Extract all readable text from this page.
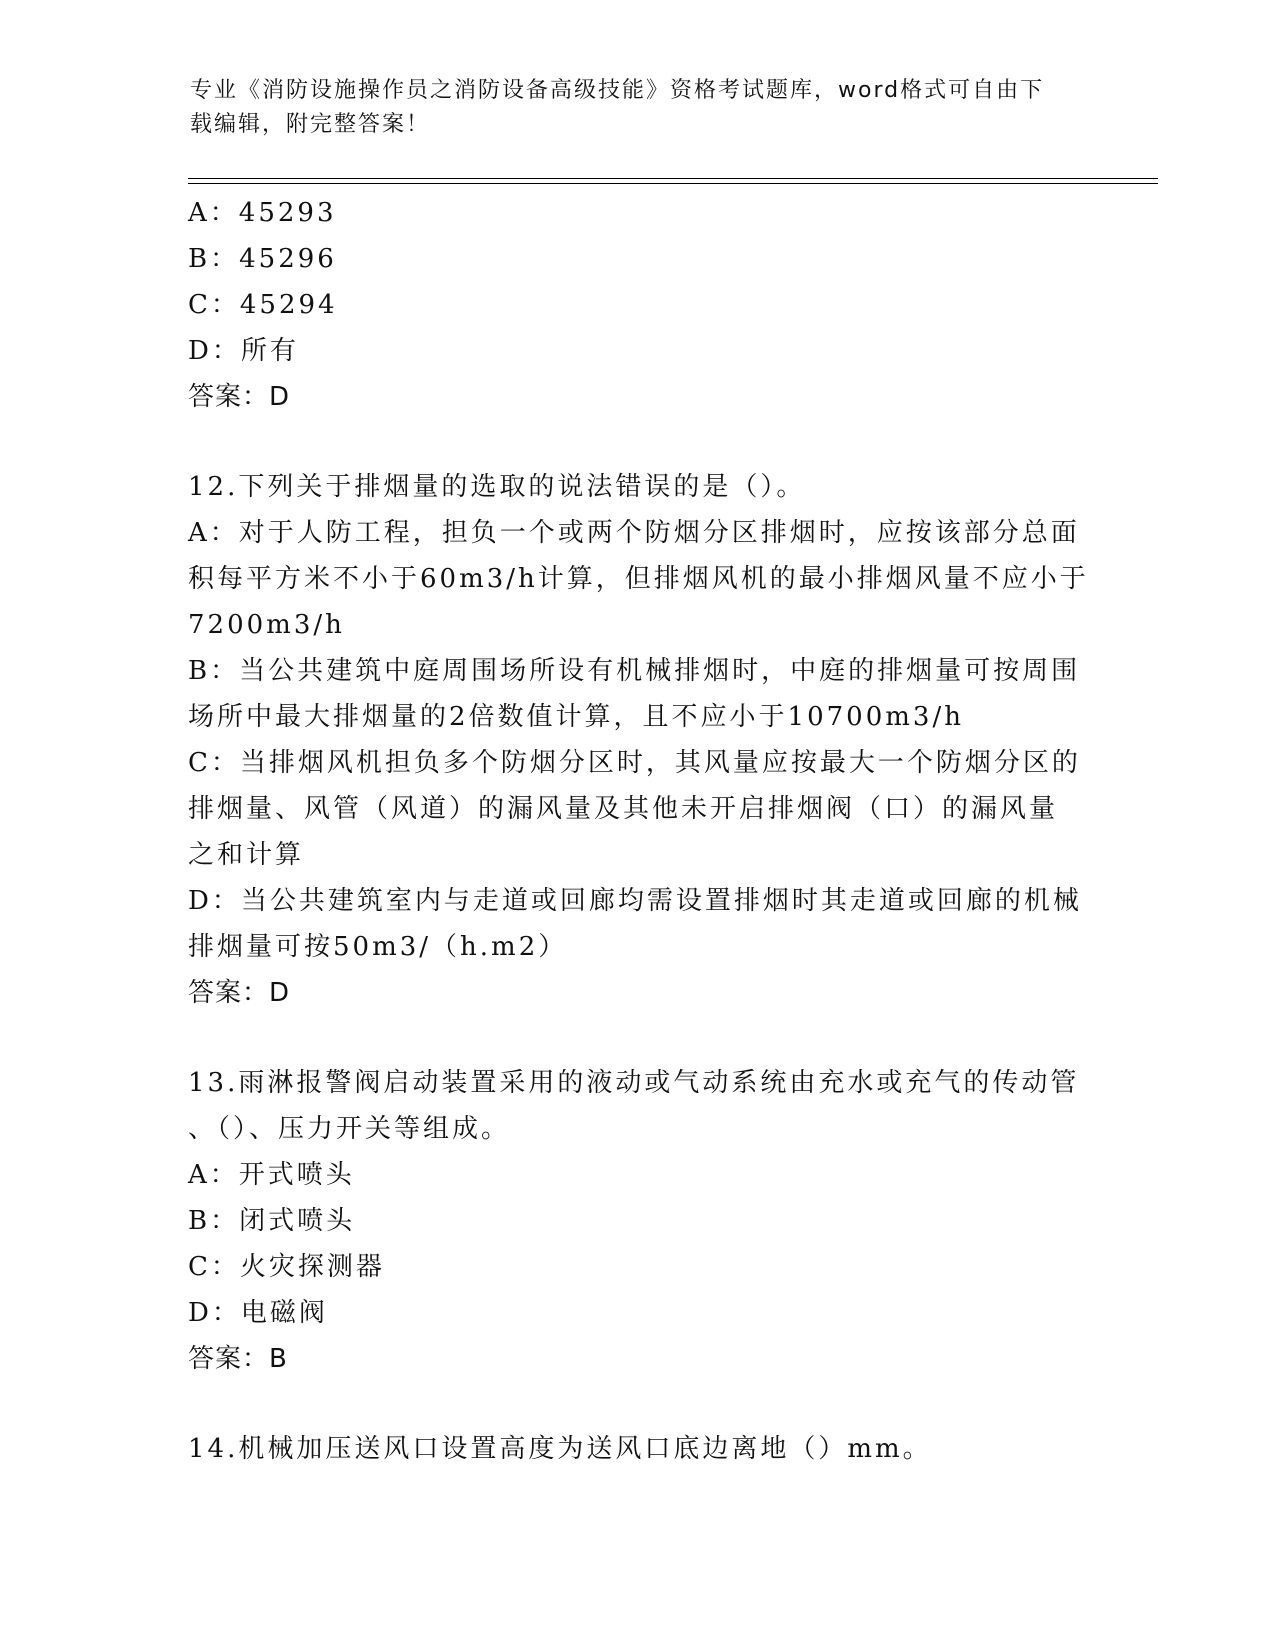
专业《消防设施操作员之消防设备高级技能》资格考试题库，word格式可自由下
载编辑，附完整答案！
A：45293
B：45296
C：45294
D：所有
答案：D
12.下列关于排烟量的选取的说法错误的是（）。
A：对于人防工程，担负一个或两个防烟分区排烟时，应按该部分总面
积每平方米不小于60m3/h计算，但排烟风机的最小排烟风量不应小于
7200m3/h
B：当公共建筑中庭周围场所设有机械排烟时，中庭的排烟量可按周围
场所中最大排烟量的2倍数值计算，且不应小于10700m3/h
C：当排烟风机担负多个防烟分区时，其风量应按最大一个防烟分区的
排烟量、风管（风道）的漏风量及其他未开启排烟阀（口）的漏风量
之和计算
D：当公共建筑室内与走道或回廊均需设置排烟时其走道或回廊的机械
排烟量可按50m3/（h.m2）
答案：D
13.雨淋报警阀启动装置采用的液动或气动系统由充水或充气的传动管
、（）、压力开关等组成。
A：开式喷头
B：闭式喷头
C：火灾探测器
D：电磁阀
答案：B
14.机械加压送风口设置高度为送风口底边离地（）mm。
